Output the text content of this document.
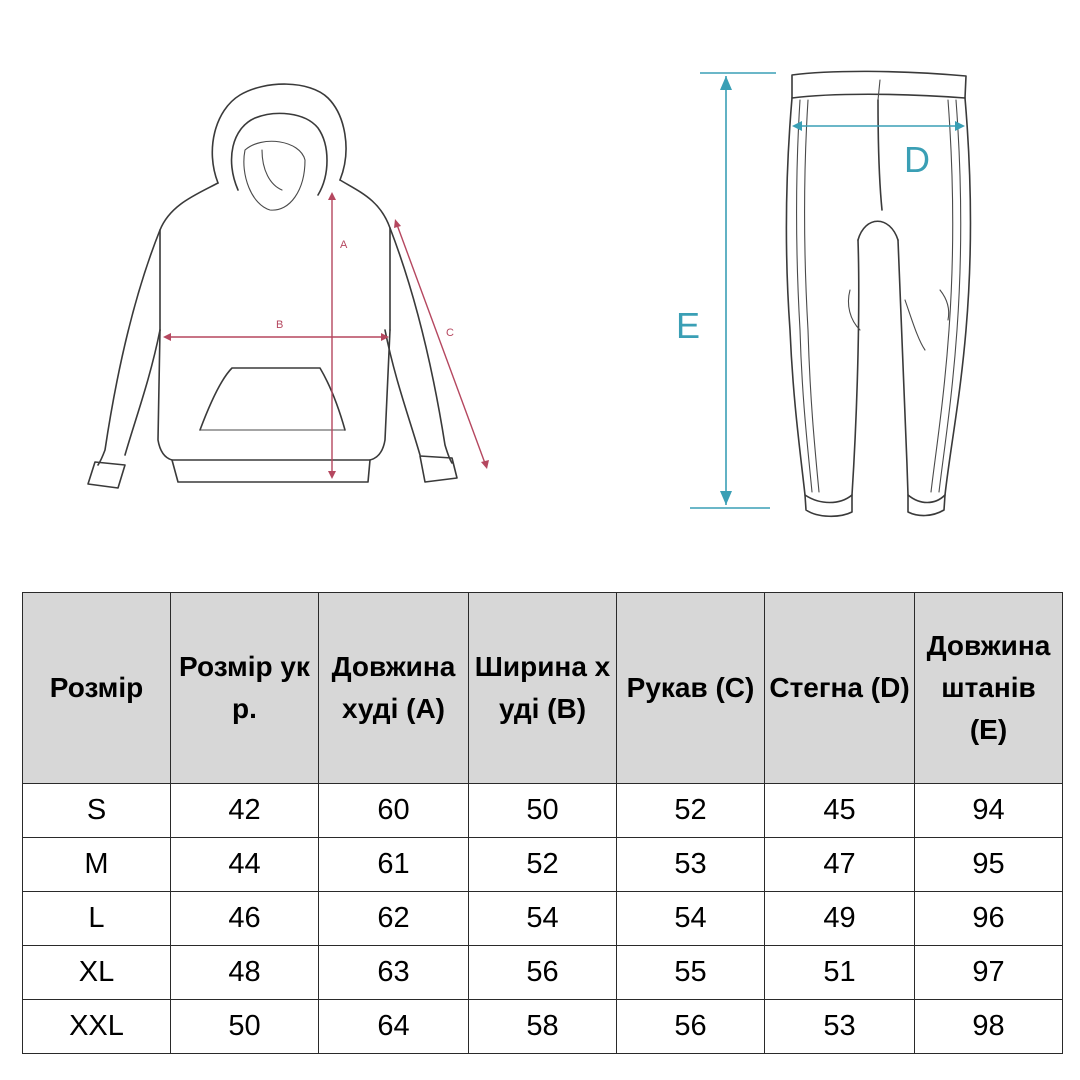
A
B
C
D
E
Розмір	Розмір укр.	Довжина худі (A)	Ширина худі (B)	Рукав (C)	Стегна (D)	Довжина штанів (E)
S	42	60	50	52	45	94
M	44	61	52	53	47	95
L	46	62	54	54	49	96
XL	48	63	56	55	51	97
XXL	50	64	58	56	53	98
